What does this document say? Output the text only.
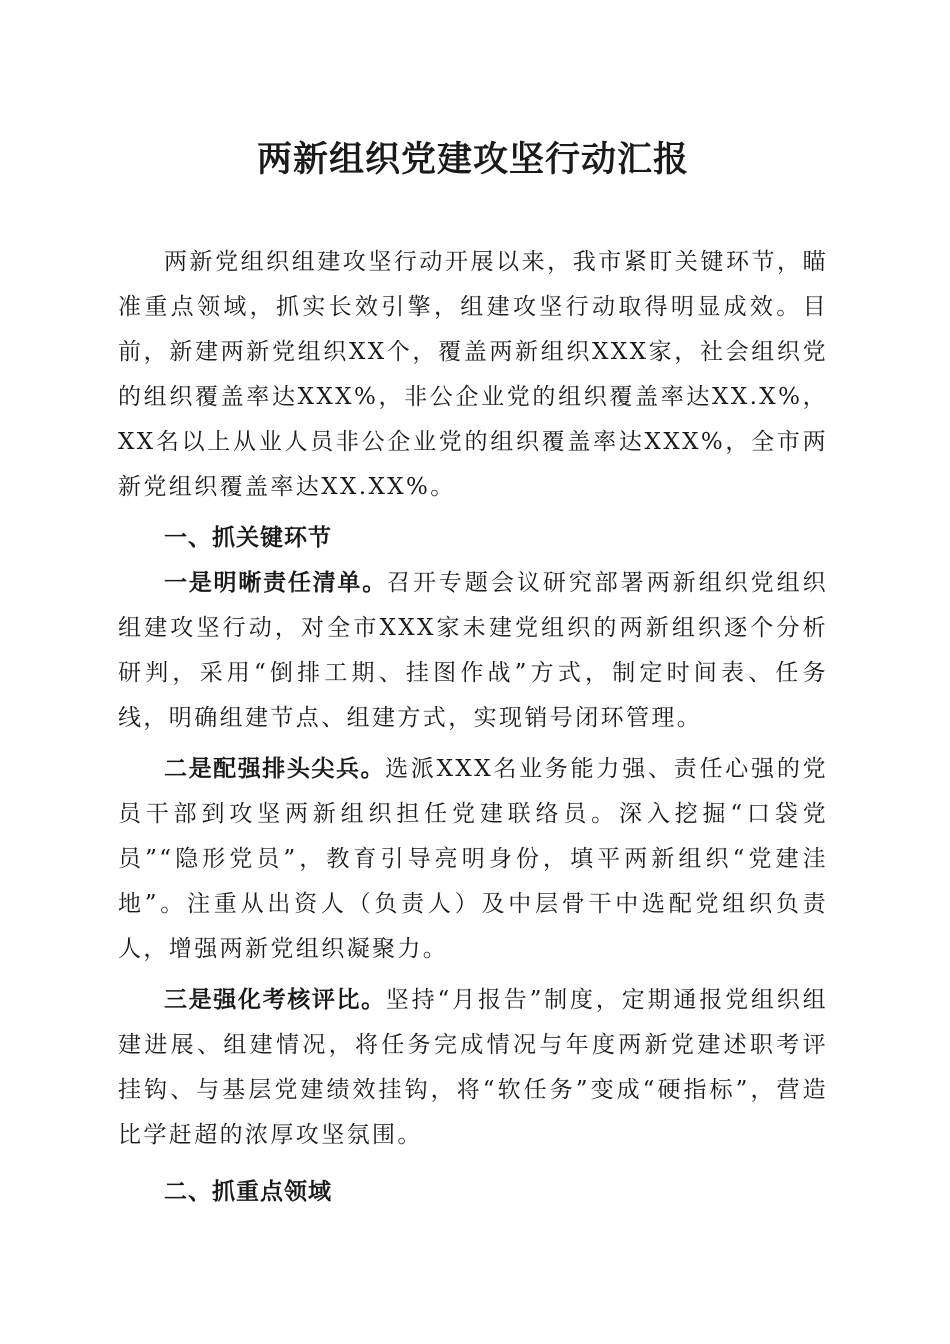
两新组织党建攻坚行动汇报

两新党组织组建攻坚行动开展以来，我市紧盯关键环节，瞄准重点领域，抓实长效引擎，组建攻坚行动取得明显成效。目前，新建两新党组织XX个，覆盖两新组织XXX家，社会组织党的组织覆盖率达XXX%，非公企业党的组织覆盖率达XX.X%，XX名以上从业人员非公企业党的组织覆盖率达XXX%，全市两新党组织覆盖率达XX.XX%。

一、抓关键环节

一是明晰责任清单。召开专题会议研究部署两新组织党组织组建攻坚行动，对全市XXX家未建党组织的两新组织逐个分析研判，采用“倒排工期、挂图作战”方式，制定时间表、任务线，明确组建节点、组建方式，实现销号闭环管理。

二是配强排头尖兵。选派XXX名业务能力强、责任心强的党员干部到攻坚两新组织担任党建联络员。深入挖掘“口袋党员”“隐形党员”，教育引导亮明身份，填平两新组织“党建洼地”。注重从出资人（负责人）及中层骨干中选配党组织负责人，增强两新党组织凝聚力。

三是强化考核评比。坚持“月报告”制度，定期通报党组织组建进展、组建情况，将任务完成情况与年度两新党建述职考评挂钩、与基层党建绩效挂钩，将“软任务”变成“硬指标”，营造比学赶超的浓厚攻坚氛围。

二、抓重点领域
